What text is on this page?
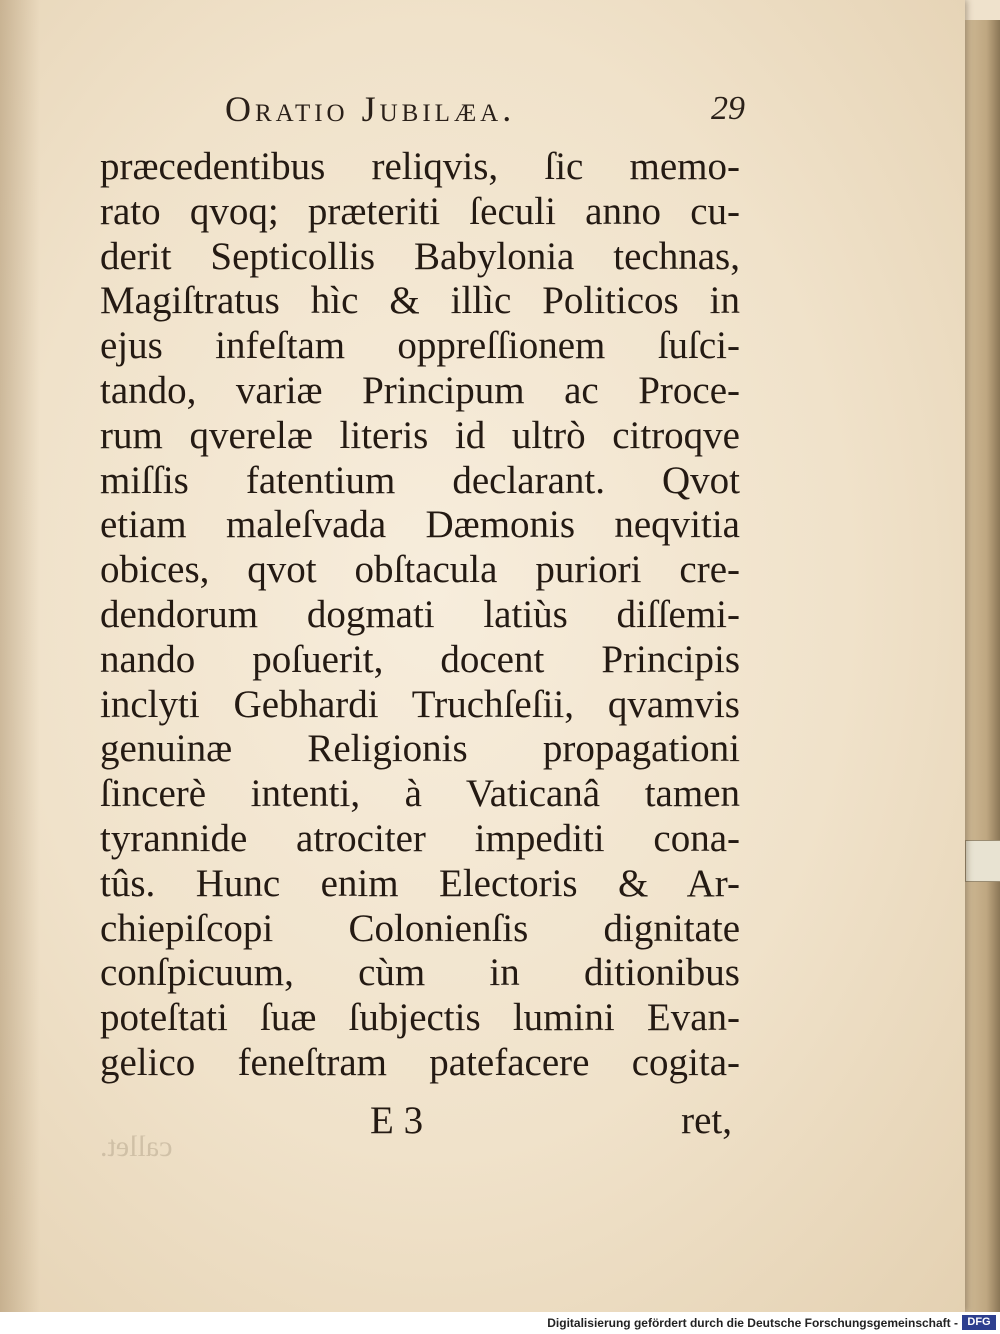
Oratio Jubilæa.	29
præcedentibus reliqvis, ſic memo-
rato qvoq; præteriti ſeculi anno cu-
derit Septicollis Babylonia technas,
Magiſtratus hìc & illìc Politicos in
ejus infeſtam oppreſſionem ſuſci-
tando, variæ Principum ac Proce-
rum qverelæ literis id ultrò citroqve
miſſis fatentium declarant. Qvot
etiam maleſvada Dæmonis neqvitia
obices, qvot obſtacula puriori cre-
dendorum dogmati latiùs diſſemi-
nando poſuerit, docent Principis
inclyti Gebhardi Truchſeſii, qvamvis
genuinæ Religionis propagationi
ſincerè intenti, à Vaticanâ tamen
tyrannide atrociter impediti cona-
tûs. Hunc enim Electoris & Ar-
chiepiſcopi Colonienſis dignitate
conſpicuum, cùm in ditionibus
poteſtati ſuæ ſubjectis lumini Evan-
gelico feneſtram patefacere cogita-
E 3	ret,
callet.
Digitalisierung gefördert durch die Deutsche Forschungsgemeinschaft - DFG
